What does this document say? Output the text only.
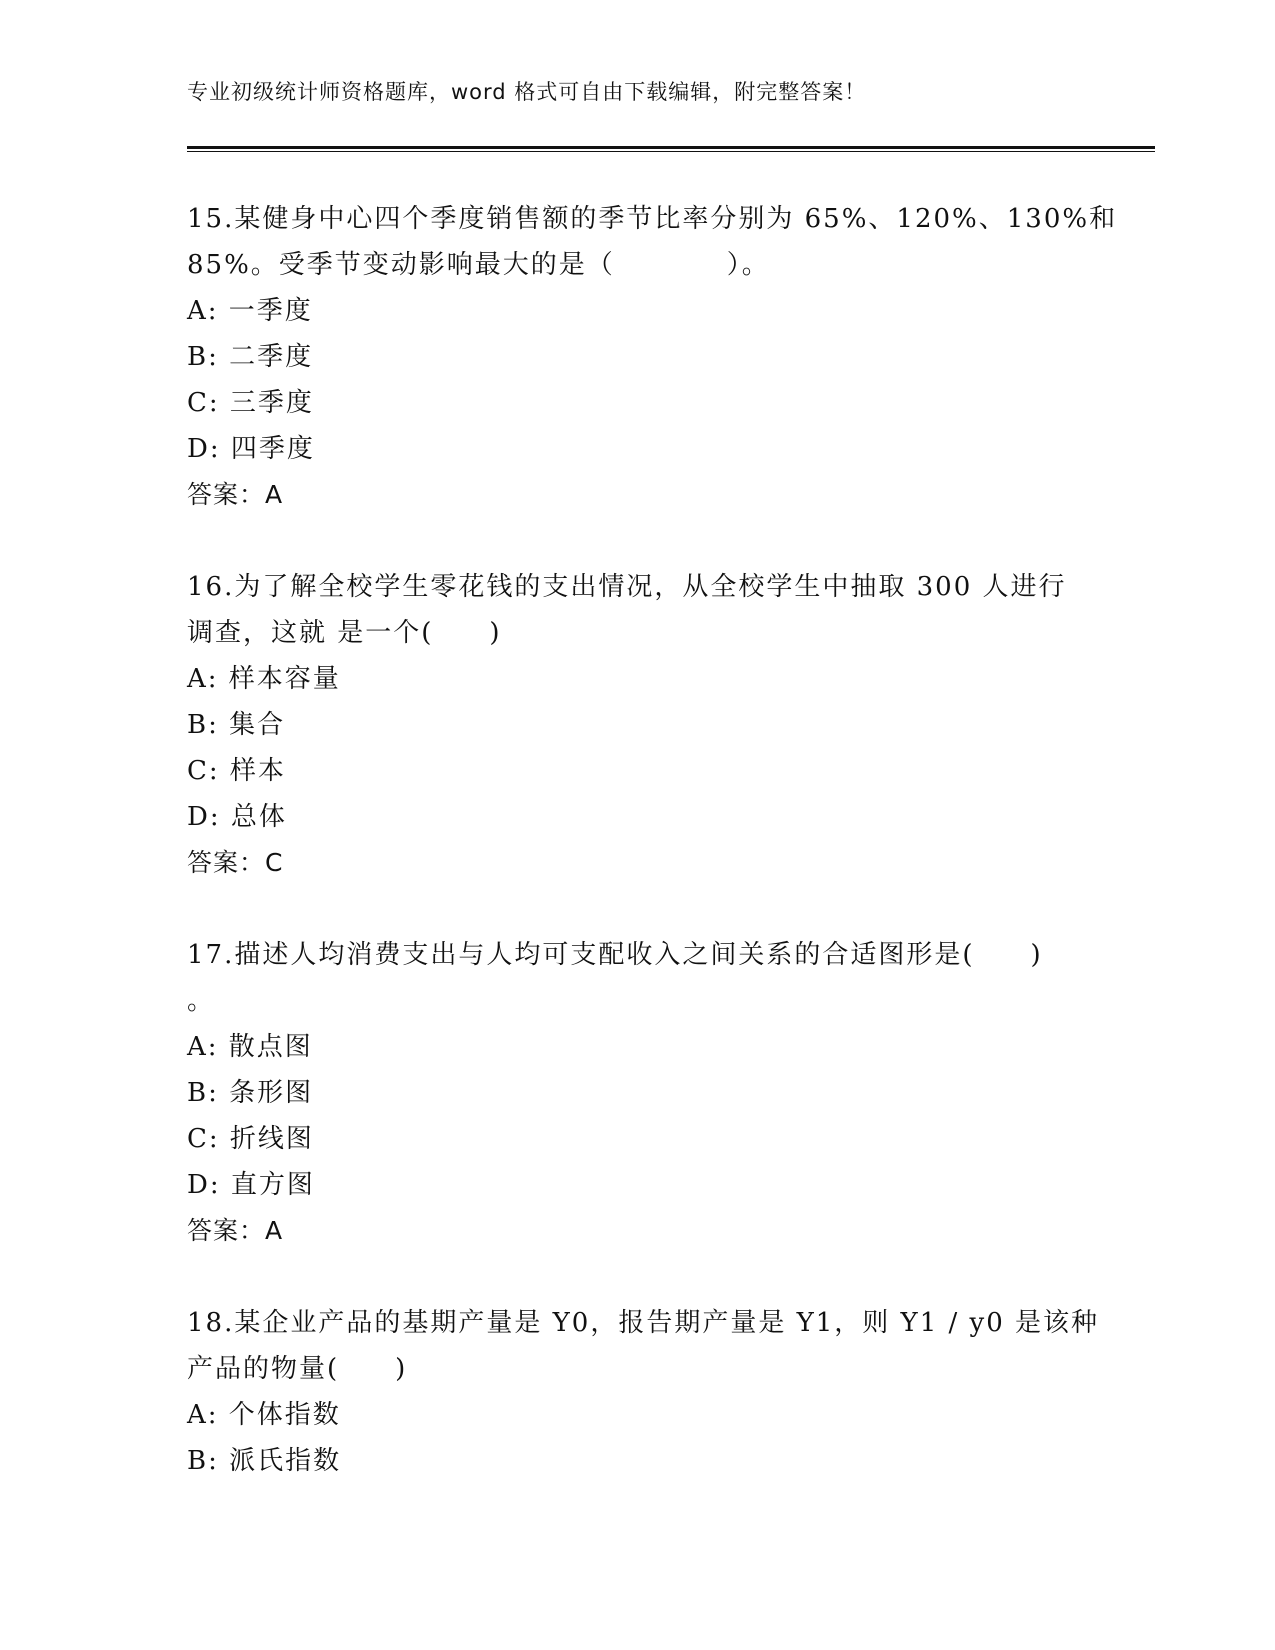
专业初级统计师资格题库，word 格式可自由下载编辑，附完整答案！
15.某健身中心四个季度销售额的季节比率分别为 65%、120%、130%和
85%。受季节变动影响最大的是（　　　　）。
A: 一季度
B: 二季度
C: 三季度
D: 四季度
答案：A
16.为了解全校学生零花钱的支出情况，从全校学生中抽取 300 人进行
调查，这就 是一个(　　)
A: 样本容量
B: 集合
C: 样本
D: 总体
答案：C
17.描述人均消费支出与人均可支配收入之间关系的合适图形是(　　)
。
A: 散点图
B: 条形图
C: 折线图
D: 直方图
答案：A
18.某企业产品的基期产量是 Y0，报告期产量是 Y1，则 Y1 / y0 是该种
产品的物量(　　)
A: 个体指数
B: 派氏指数
